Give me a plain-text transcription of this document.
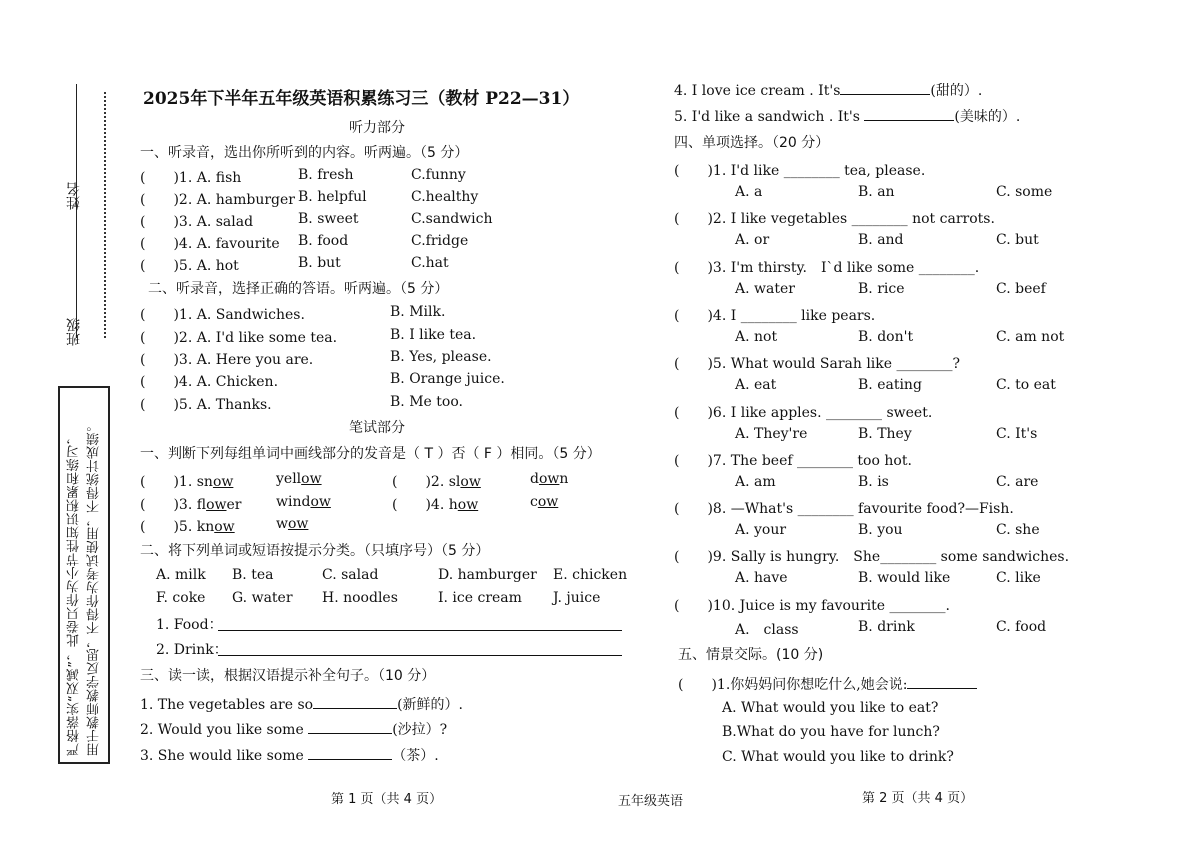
姓名
班级
严格落实“双减”，此卷只作为小节性知识积累和练习， 用于教师教学反思，不得作为考试使用，不得统计成绩。
2025年下半年五年级英语积累练习三（教材 P22—31）
听力部分
一、听录音，选出你所听到的内容。听两遍。（5 分）
(　　)1. A. fish	B. fresh	C.funny
(　　)2. A. hamburger B. helpful	C.healthy
(　　)3. A. salad	B. sweet	C.sandwich
(　　)4. A. favourite B. food	C.fridge
(　　)5. A. hot	B. but	C.hat
二、听录音，选择正确的答语。听两遍。（5 分）
(　　)1. A. Sandwiches.	B. Milk.
(　　)2. A. I'd like some tea.	B. I like tea.
(　　)3. A. Here you are.	B. Yes, please.
(　　)4. A. Chicken.	B. Orange juice.
(　　)5. A. Thanks.	B. Me too.
笔试部分
一、判断下列每组单词中画线部分的发音是（ T ）否（ F ）相同。（5 分）
(　　)1. snow	yellow	(　　)2. slow	down
(　　)3. flower window	(　　)4. how	cow
(　　)5. know	wow
二、将下列单词或短语按提示分类。（只填序号）（5 分）
A. milk B. tea	C. salad	D. hamburger E. chicken
F. coke G. water H. noodles	I. ice cream J. juice
1. Food：
2. Drink：
三、读一读，根据汉语提示补全句子。（10 分）
1. The vegetables are so	(新鲜的）.
2. Would you like some	(沙拉）?
3. She would like some	（茶）.
第 1 页（共 4 页）	五年级英语
4. I love ice cream . It's	(甜的）.
5. I'd like a sandwich . It's	(美味的）.
四、单项选择。（20 分）
(　　)1. I'd like ________ tea, please.
A. a	B. an	C. some
(　　)2. I like vegetables ________ not carrots.
A. or	B. and	C. but
(　　)3. I'm thirsty.　I`d like some ________.
A. water	B. rice	C. beef
(　　)4. I ________ like pears.
A. not	B. don't	C. am not
(　　)5. What would Sarah like ________?
A. eat	B. eating	C. to eat
(　　)6. I like apples. ________ sweet.
A. They're	B. They	C. It's
(　　)7. The beef ________ too hot.
A. am	B. is	C. are
(　　)8. —What's ________ favourite food?—Fish.
A. your	B. you	C. she
(　　)9. Sally is hungry.　She________ some sandwiches.
A. have	B. would like	C. like
(　　)10. Juice is my favourite ________.
A.　class	B. drink	C. food
五、情景交际。(10 分)
(　　)1.你妈妈问你想吃什么,她会说:
A. What would you like to eat?
B.What do you have for lunch?
C. What would you like to drink?
第 2 页（共 4 页）
